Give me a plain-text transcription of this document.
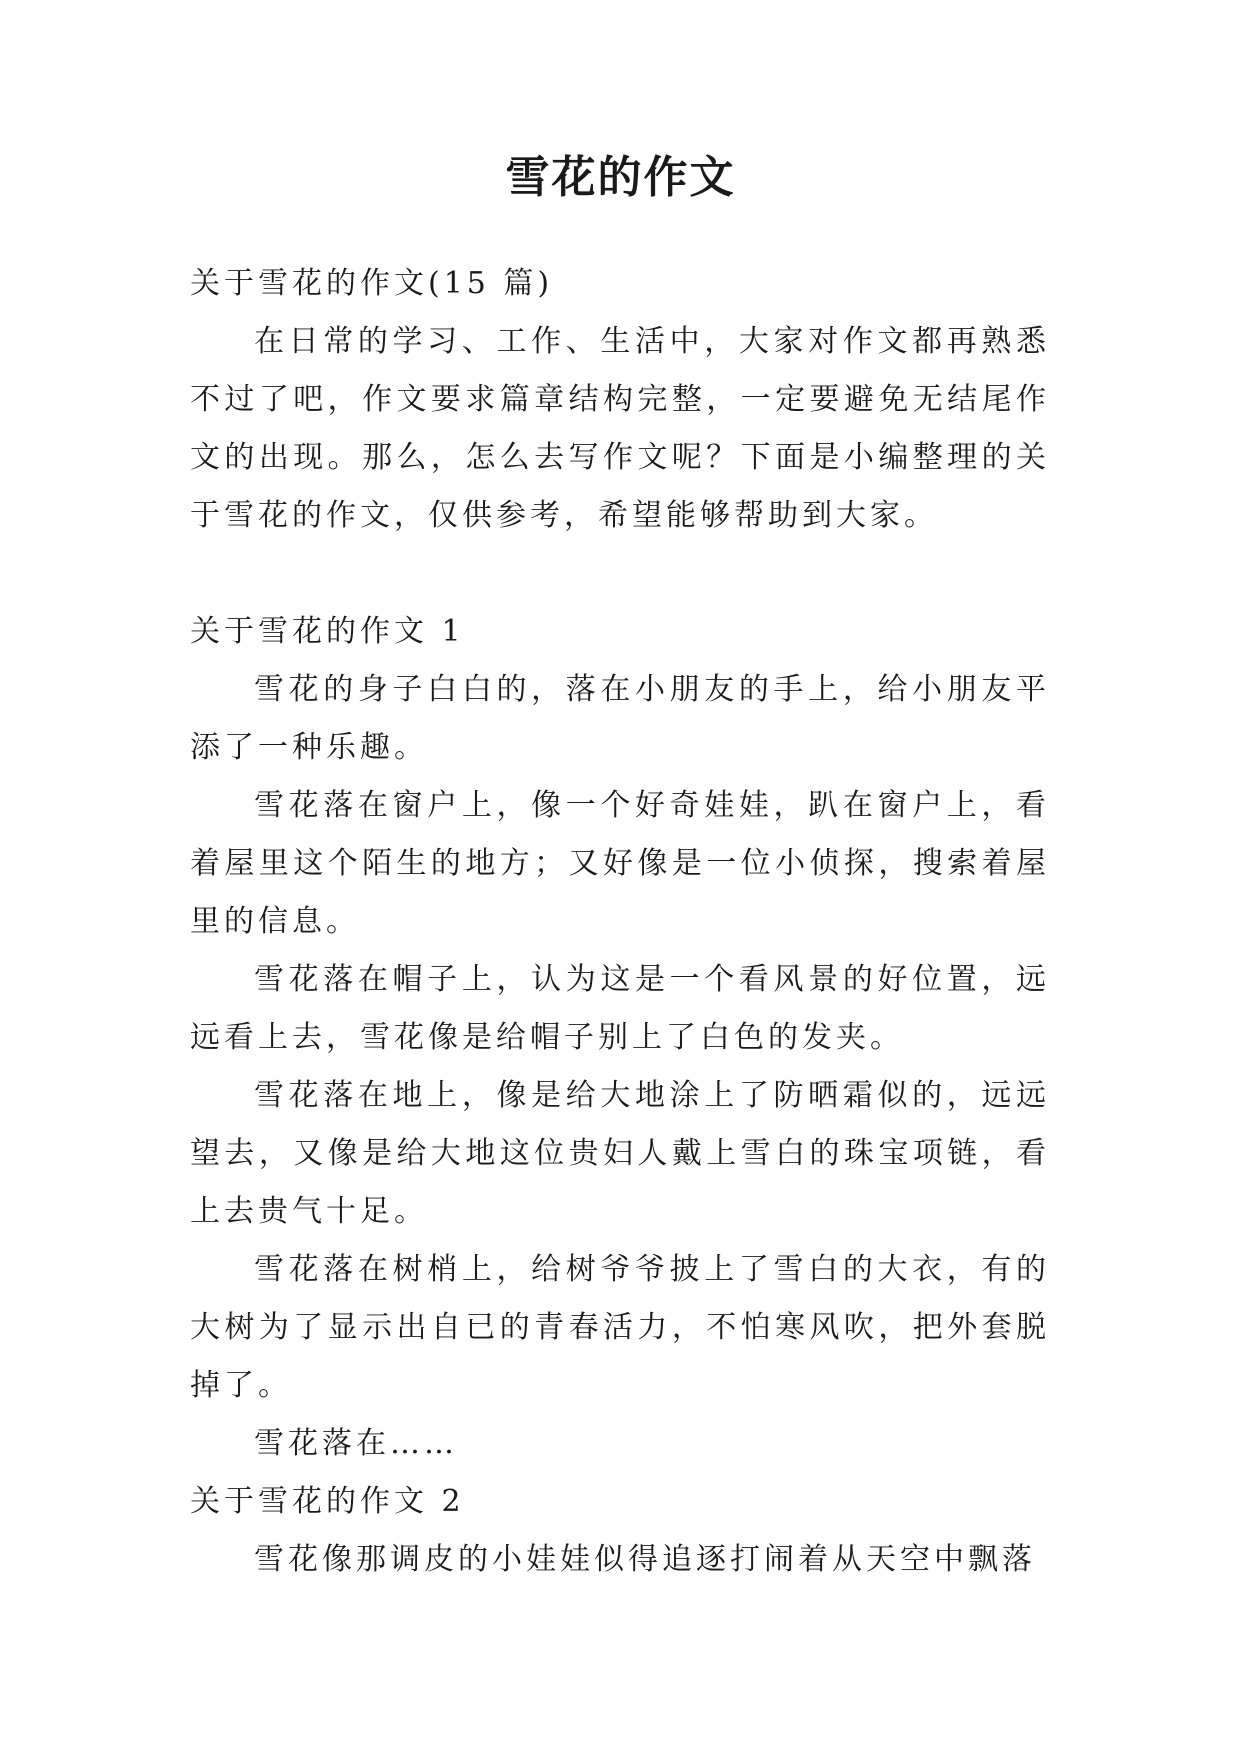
雪花的作文

关于雪花的作文(15 篇)

在日常的学习、工作、生活中，大家对作文都再熟悉不过了吧，作文要求篇章结构完整，一定要避免无结尾作文的出现。那么，怎么去写作文呢？下面是小编整理的关于雪花的作文，仅供参考，希望能够帮助到大家。

关于雪花的作文 1

雪花的身子白白的，落在小朋友的手上，给小朋友平添了一种乐趣。

雪花落在窗户上，像一个好奇娃娃，趴在窗户上，看着屋里这个陌生的地方；又好像是一位小侦探，搜索着屋里的信息。

雪花落在帽子上，认为这是一个看风景的好位置，远远看上去，雪花像是给帽子别上了白色的发夹。

雪花落在地上，像是给大地涂上了防晒霜似的，远远望去，又像是给大地这位贵妇人戴上雪白的珠宝项链，看上去贵气十足。

雪花落在树梢上，给树爷爷披上了雪白的大衣，有的大树为了显示出自已的青春活力，不怕寒风吹，把外套脱掉了。

雪花落在……

关于雪花的作文 2

雪花像那调皮的小娃娃似得追逐打闹着从天空中飘落
